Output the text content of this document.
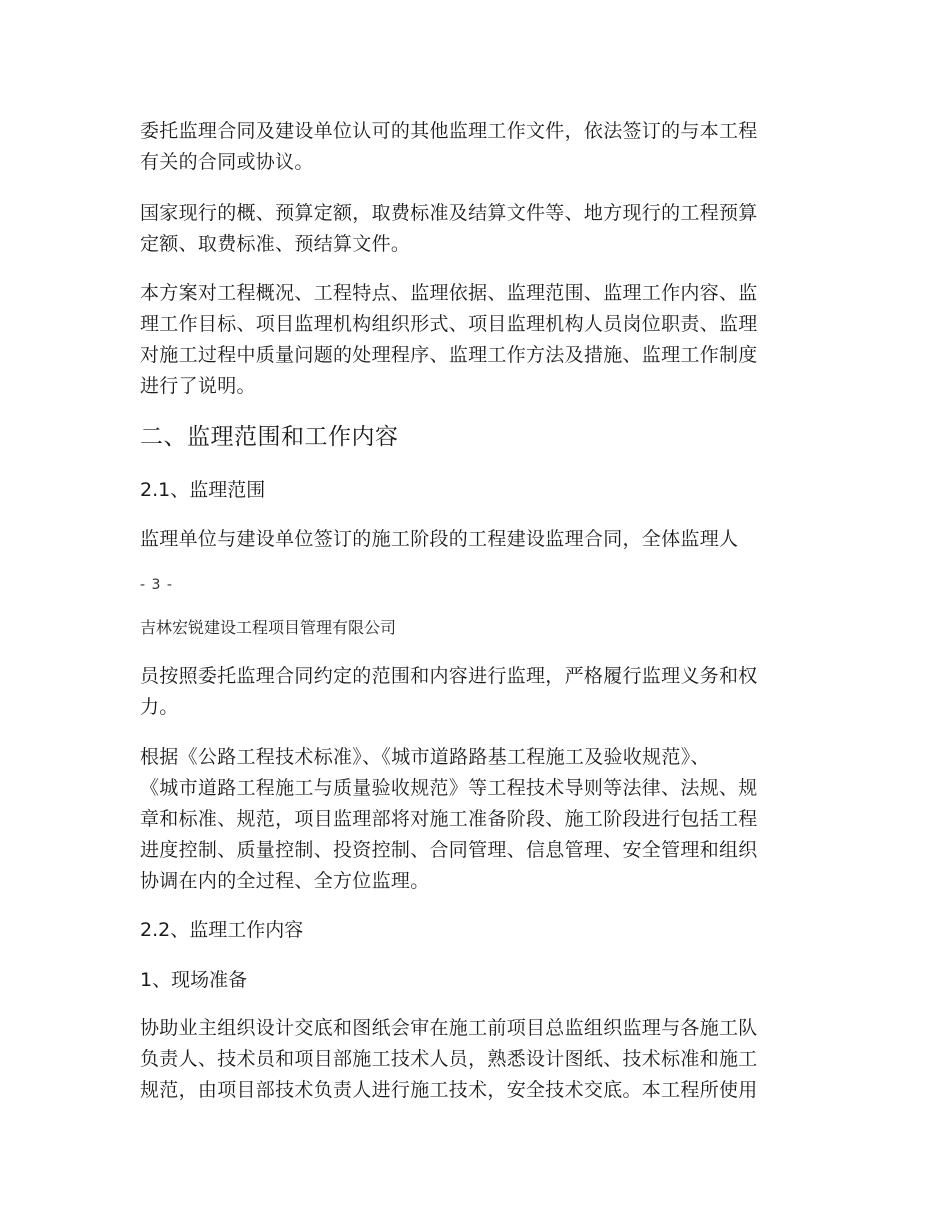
委托监理合同及建设单位认可的其他监理工作文件，依法签订的与本工程
有关的合同或协议。

国家现行的概、预算定额，取费标准及结算文件等、地方现行的工程预算
定额、取费标准、预结算文件。

本方案对工程概况、工程特点、监理依据、监理范围、监理工作内容、监
理工作目标、项目监理机构组织形式、项目监理机构人员岗位职责、监理
对施工过程中质量问题的处理程序、监理工作方法及措施、监理工作制度
进行了说明。

二、监理范围和工作内容
2.1、监理范围

监理单位与建设单位签订的施工阶段的工程建设监理合同，全体监理人

- 3 -
吉林宏锐建设工程项目管理有限公司

员按照委托监理合同约定的范围和内容进行监理，严格履行监理义务和权
力。

根据《公路工程技术标准》、《城市道路路基工程施工及验收规范》、
《城市道路工程施工与质量验收规范》等工程技术导则等法律、法规、规
章和标准、规范，项目监理部将对施工准备阶段、施工阶段进行包括工程
进度控制、质量控制、投资控制、合同管理、信息管理、安全管理和组织
协调在内的全过程、全方位监理。

2.2、监理工作内容
1、现场准备

协助业主组织设计交底和图纸会审在施工前项目总监组织监理与各施工队
负责人、技术员和项目部施工技术人员，熟悉设计图纸、技术标准和施工
规范，由项目部技术负责人进行施工技术，安全技术交底。本工程所使用
